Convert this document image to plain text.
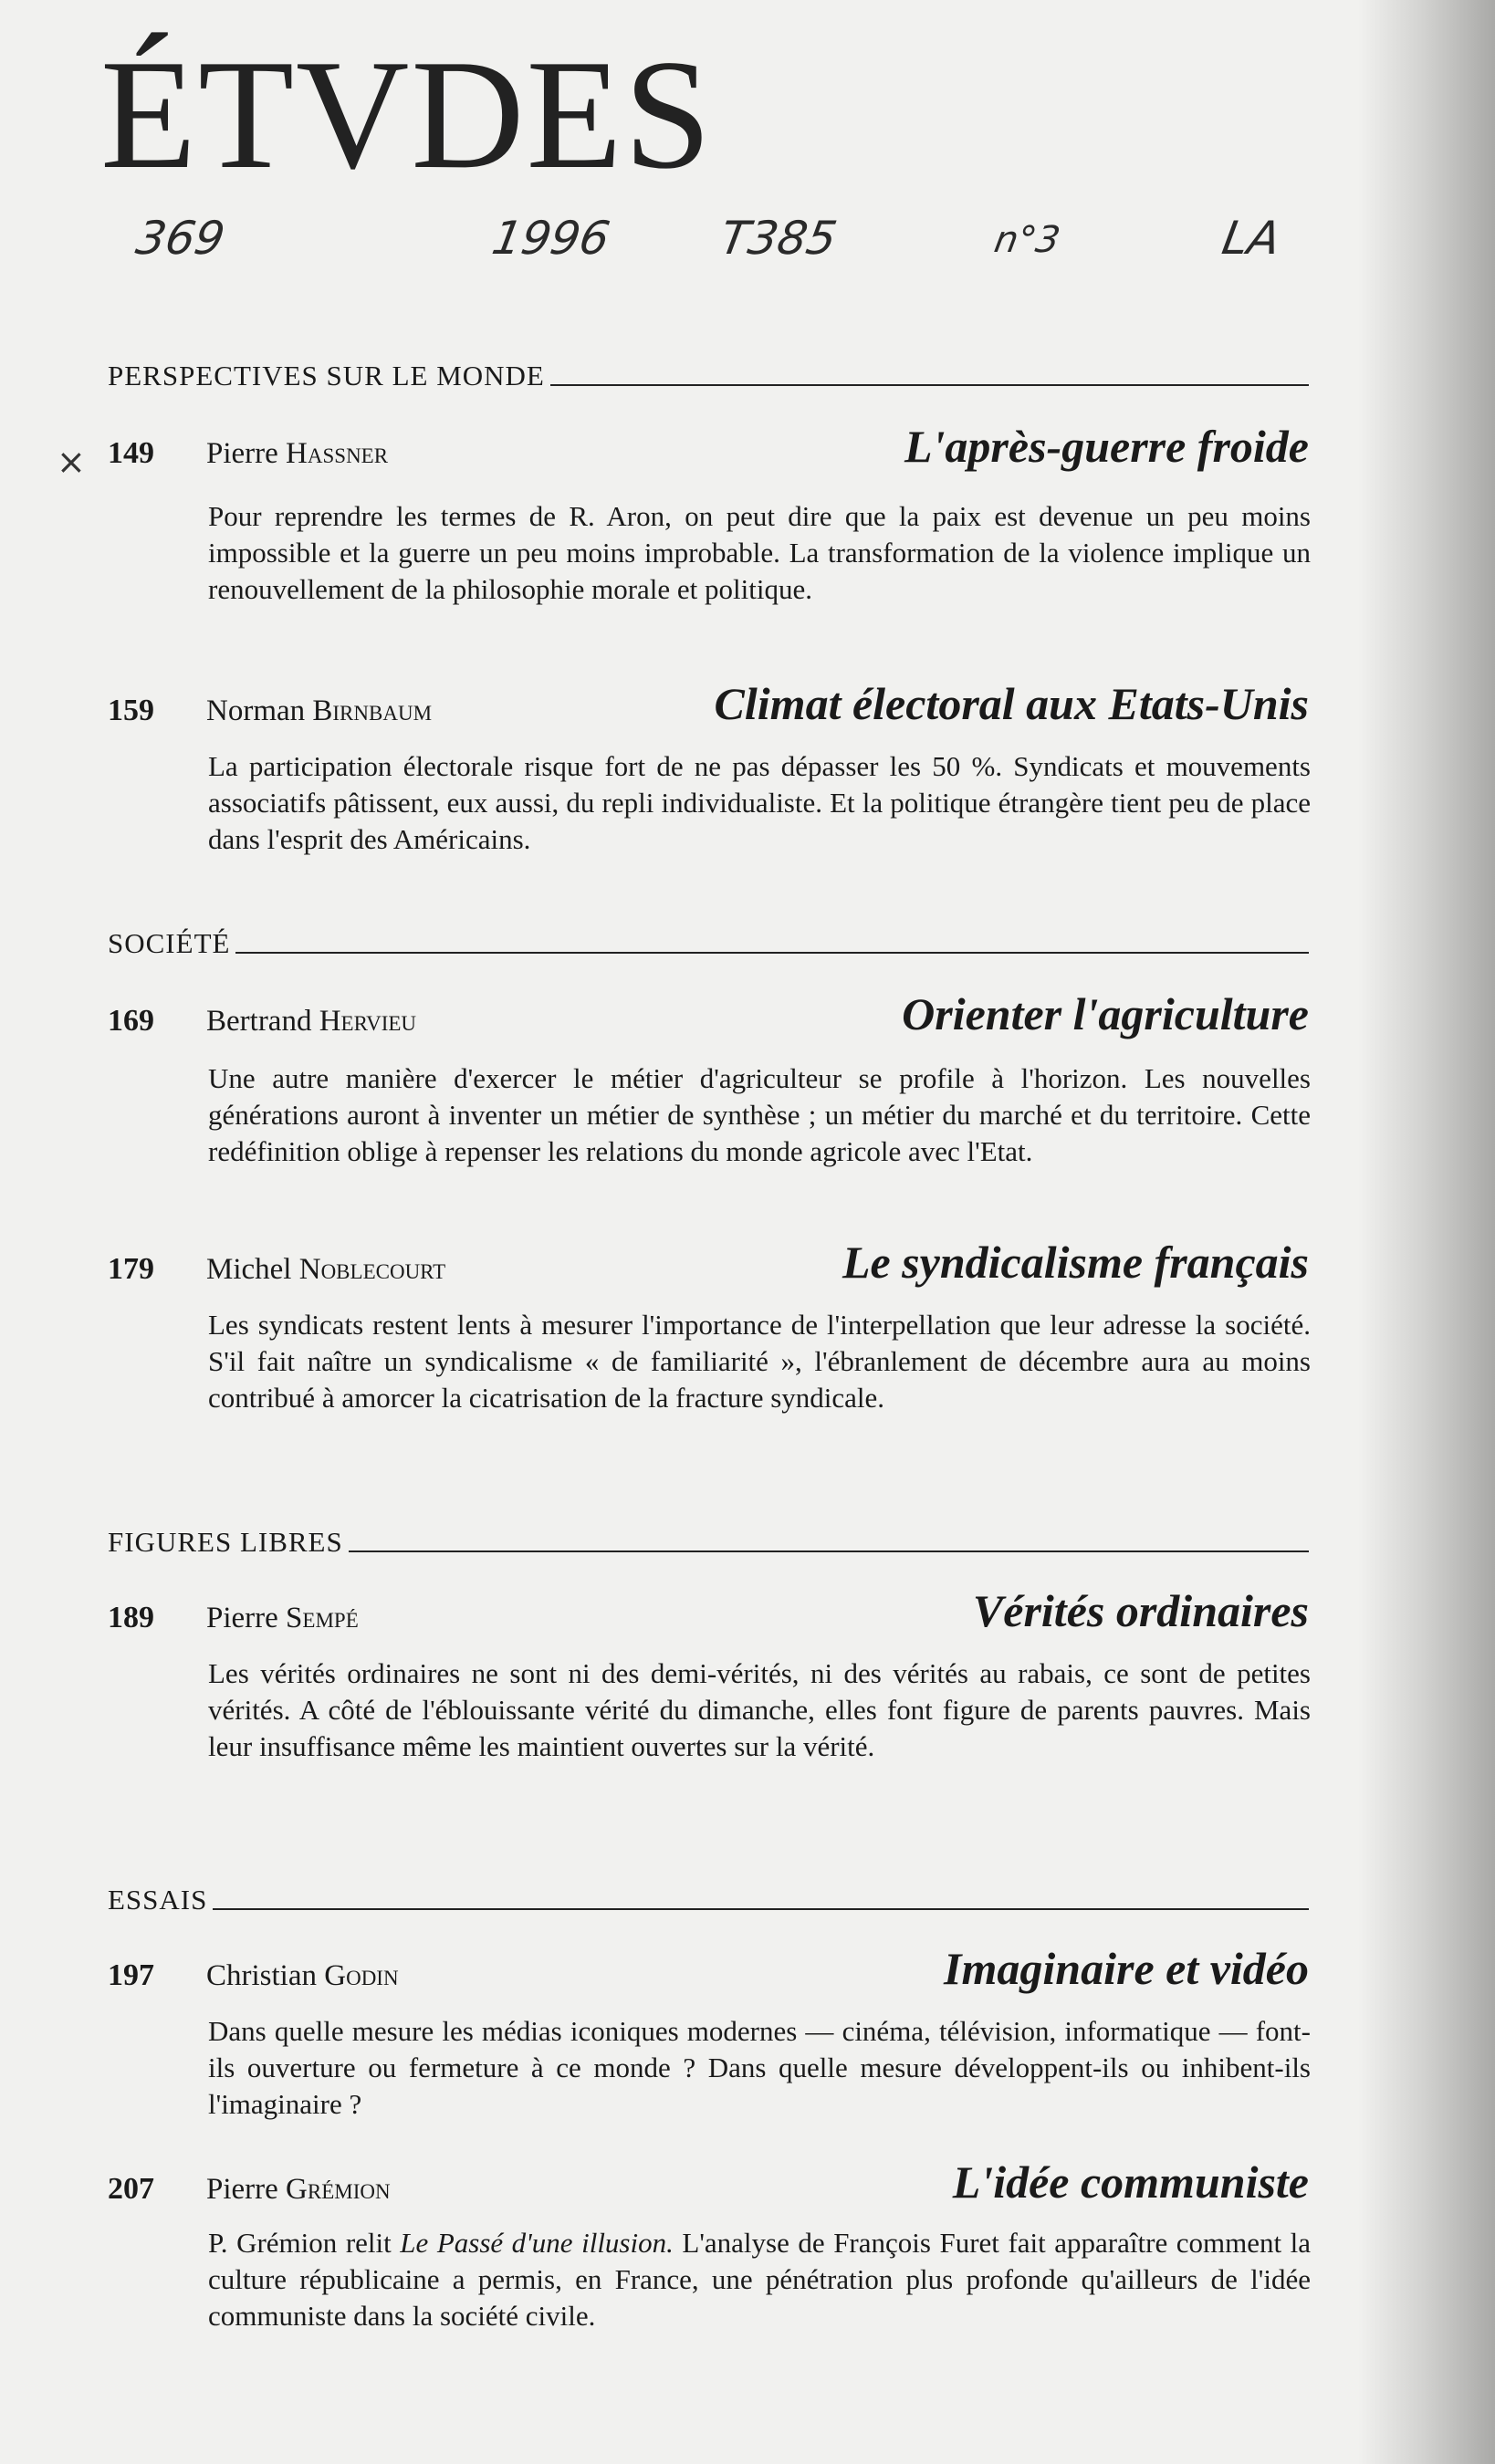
ÉTVDES
369	1996 T385	n°3	LA
×
PERSPECTIVES SUR LE MONDE
149 Pierre Hassner	L'après-guerre froide

Pour reprendre les termes de R. Aron, on peut dire que la paix est devenue un peu moins impossible et la guerre un peu moins improbable. La transformation de la violence implique un renouvellement de la philosophie morale et politique.

159 Norman Birnbaum	Climat électoral aux Etats-Unis

La participation électorale risque fort de ne pas dépasser les 50 %. Syndicats et mouvements associatifs pâtissent, eux aussi, du repli individualiste. Et la politique étrangère tient peu de place dans l'esprit des Américains.

SOCIÉTÉ
169 Bertrand Hervieu	Orienter l'agriculture

Une autre manière d'exercer le métier d'agriculteur se profile à l'horizon. Les nouvelles générations auront à inventer un métier de synthèse ; un métier du marché et du territoire. Cette redéfinition oblige à repenser les relations du monde agricole avec l'Etat.

179 Michel Noblecourt	Le syndicalisme français

Les syndicats restent lents à mesurer l'importance de l'interpellation que leur adresse la société. S'il fait naître un syndicalisme « de familiarité », l'ébranlement de décembre aura au moins contribué à amorcer la cicatrisation de la fracture syndicale.

FIGURES LIBRES
189 Pierre Sempé	Vérités ordinaires

Les vérités ordinaires ne sont ni des demi-vérités, ni des vérités au rabais, ce sont de petites vérités. A côté de l'éblouissante vérité du dimanche, elles font figure de parents pauvres. Mais leur insuffisance même les maintient ouvertes sur la vérité.

ESSAIS
197 Christian Godin	Imaginaire et vidéo

Dans quelle mesure les médias iconiques modernes — cinéma, télévision, informatique — font-ils ouverture ou fermeture à ce monde ? Dans quelle mesure développent-ils ou inhibent-ils l'imaginaire ?

207 Pierre Grémion	L'idée communiste

P. Grémion relit Le Passé d'une illusion. L'analyse de François Furet fait apparaître comment la culture républicaine a permis, en France, une pénétration plus profonde qu'ailleurs de l'idée communiste dans la société civile.
